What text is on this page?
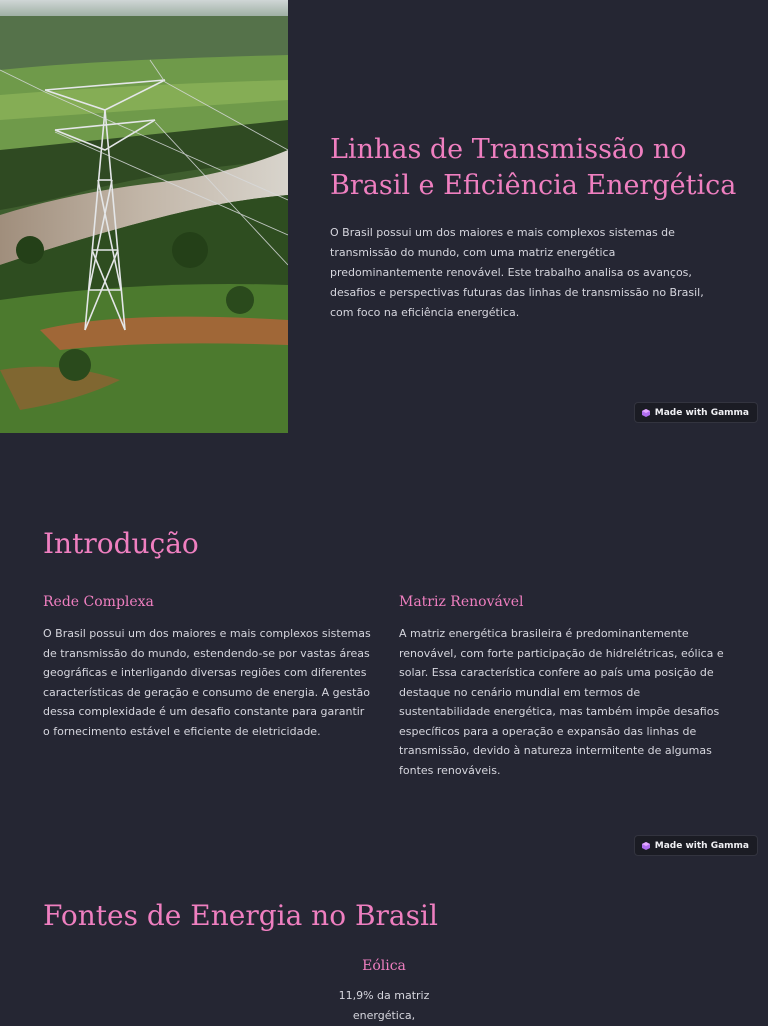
Linhas de Transmissão no Brasil e Eficiência Energética

O Brasil possui um dos maiores e mais complexos sistemas de transmissão do mundo, com uma matriz energética predominantemente renovável. Este trabalho analisa os avanços, desafios e perspectivas futuras das linhas de transmissão no Brasil, com foco na eficiência energética.

Made with Gamma
Introdução
Rede Complexa

O Brasil possui um dos maiores e mais complexos sistemas de transmissão do mundo, estendendo-se por vastas áreas geográficas e interligando diversas regiões com diferentes características de geração e consumo de energia. A gestão dessa complexidade é um desafio constante para garantir o fornecimento estável e eficiente de eletricidade.

Matriz Renovável

A matriz energética brasileira é predominantemente renovável, com forte participação de hidrelétricas, eólica e solar. Essa característica confere ao país uma posição de destaque no cenário mundial em termos de sustentabilidade energética, mas também impõe desafios específicos para a operação e expansão das linhas de transmissão, devido à natureza intermitente de algumas fontes renováveis.

Made with Gamma
Fontes de Energia no Brasil
Eólica

11,9% da matriz energética,
